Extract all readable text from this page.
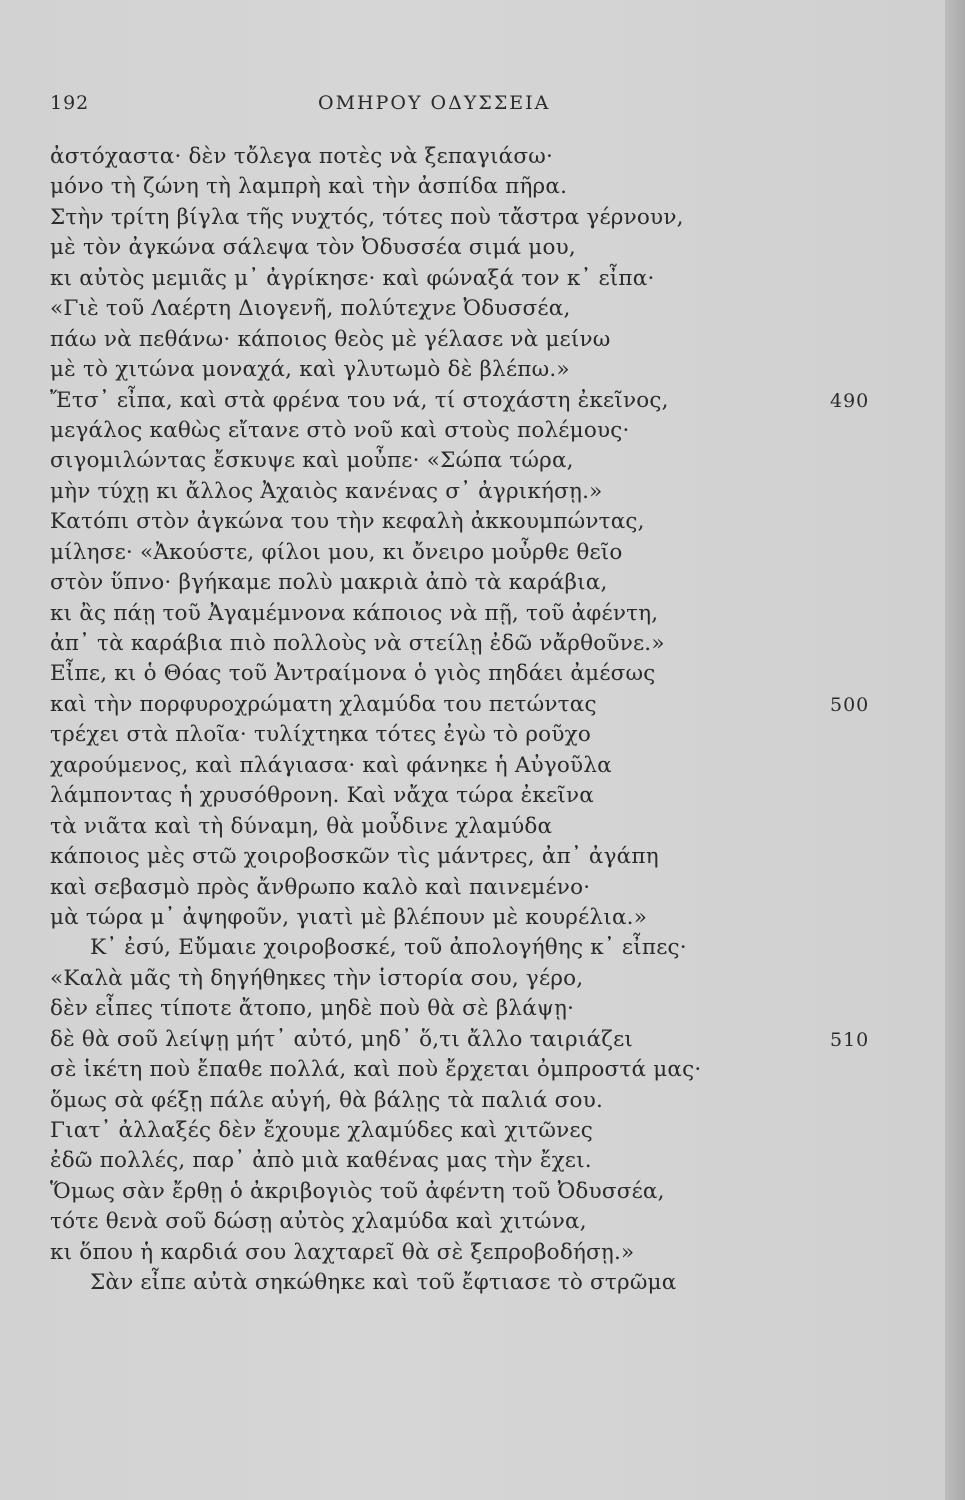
192	ΟΜΗΡΟΥ ΟΔΥΣΣΕΙΑ
ἀστόχαστα· δὲν τὄλεγα ποτὲς νὰ ξεπαγιάσω·
μόνο τὴ ζώνη τὴ λαμπρὴ καὶ τὴν ἀσπίδα πῆρα.
Στὴν τρίτη βίγλα τῆς νυχτός, τότες ποὺ τἄστρα γέρνουν,
μὲ τὸν ἀγκώνα σάλεψα τὸν Ὀδυσσέα σιμά μου,
κι αὐτὸς μεμιᾶς μ᾽ ἀγρίκησε· καὶ φώναξά τον κ᾽ εἶπα·
«Γιὲ τοῦ Λαέρτη Διογενῆ, πολύτεχνε Ὀδυσσέα,
πάω νὰ πεθάνω· κάποιος θεὸς μὲ γέλασε νὰ μείνω
μὲ τὸ χιτώνα μοναχά, καὶ γλυτωμὸ δὲ βλέπω.»
Ἔτσ᾽ εἶπα, καὶ στὰ φρένα του νά, τί στοχάστη ἐκεῖνος,	490
μεγάλος καθὼς εἴτανε στὸ νοῦ καὶ στοὺς πολέμους·
σιγομιλώντας ἔσκυψε καὶ μοὖπε· «Σώπα τώρα,
μὴν τύχῃ κι ἄλλος Ἀχαιὸς κανένας σ᾽ ἀγρικήσῃ.»
Κατόπι στὸν ἀγκώνα του τὴν κεφαλὴ ἀκκουμπώντας,
μίλησε· «Ἀκούστε, φίλοι μου, κι ὄνειρο μοὖρθε θεῖο
στὸν ὕπνο· βγήκαμε πολὺ μακριὰ ἀπὸ τὰ καράβια,
κι ἂς πάῃ τοῦ Ἀγαμέμνονα κάποιος νὰ πῇ, τοῦ ἀφέντη,
ἀπ᾽ τὰ καράβια πιὸ πολλοὺς νὰ στείλῃ ἐδῶ νἄρθοῦνε.»
Εἶπε, κι ὁ Θόας τοῦ Ἀντραίμονα ὁ γιὸς πηδάει ἀμέσως
καὶ τὴν πορφυροχρώματη χλαμύδα του πετώντας	500
τρέχει στὰ πλοῖα· τυλίχτηκα τότες ἐγὼ τὸ ρoῦχο
χαρούμενος, καὶ πλάγιασα· καὶ φάνηκε ἡ Αὐγοῦλα
λάμποντας ἡ χρυσόθρονη. Καὶ νἄχα τώρα ἐκεῖνα
τὰ νιᾶτα καὶ τὴ δύναμη, θὰ μοὖδινε χλαμύδα
κάποιος μὲς στῶ χοιροβοσκῶν τὶς μάντρες, ἀπ᾽ ἀγάπη
καὶ σεβασμὸ πρὸς ἄνθρωπο καλὸ καὶ παινεμένο·
μὰ τώρα μ᾽ ἀψηφοῦν, γιατὶ μὲ βλέπουν μὲ κουρέλια.»
Κ᾽ ἐσύ, Εὔμαιε χοιροβοσκέ, τοῦ ἀπολογήθης κ᾽ εἶπες·
«Καλὰ μᾶς τὴ δηγήθηκες τὴν ἱστορία σου, γέρο,
δὲν εἶπες τίποτε ἄτοπο, μηδὲ ποὺ θὰ σὲ βλάψῃ·
δὲ θὰ σοῦ λείψῃ μήτ᾽ αὐτό, μηδ᾽ ὅ,τι ἄλλο ταιριάζει	510
σὲ ἱκέτη ποὺ ἔπαθε πολλά, καὶ ποὺ ἔρχεται ὀμπροστά μας·
ὅμως σὰ φέξῃ πάλε αὐγή, θὰ βάλῃς τὰ παλιά σου.
Γιατ᾽ ἀλλαξές δὲν ἔχουμε χλαμύδες καὶ χιτῶνες
ἐδῶ πολλές, παρ᾽ ἀπὸ μιὰ καθένας μας τὴν ἔχει.
Ὅμως σὰν ἔρθῃ ὁ ἀκριβογιὸς τοῦ ἀφέντη τοῦ Ὀδυσσέα,
τότε θενὰ σοῦ δώσῃ αὐτὸς χλαμύδα καὶ χιτώνα,
κι ὅπου ἡ καρδιά σου λαχταρεῖ θὰ σὲ ξεπροβοδήσῃ.»
Σὰν εἶπε αὐτὰ σηκώθηκε καὶ τοῦ ἔφτιασε τὸ στρῶμα
